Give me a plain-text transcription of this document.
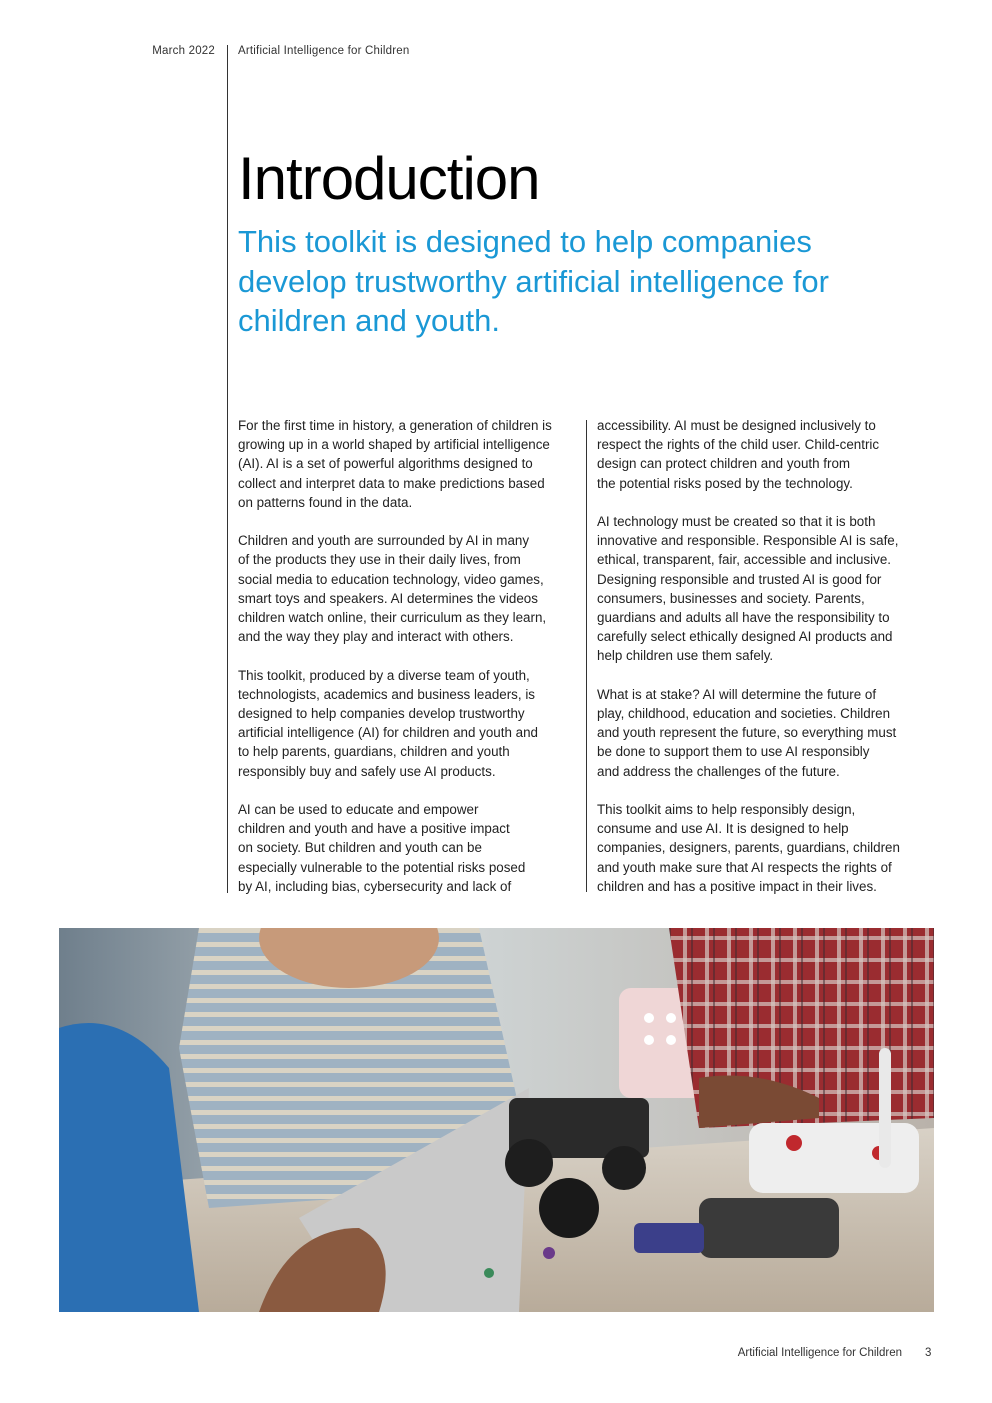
March 2022 Artificial Intelligence for Children
Introduction

This toolkit is designed to help companies develop trustworthy artificial intelligence for children and youth.

For the first time in history, a generation of children is
growing up in a world shaped by artificial intelligence
(AI). AI is a set of powerful algorithms designed to
collect and interpret data to make predictions based
on patterns found in the data.

Children and youth are surrounded by AI in many
of the products they use in their daily lives, from
social media to education technology, video games,
smart toys and speakers. AI determines the videos
children watch online, their curriculum as they learn,
and the way they play and interact with others.

This toolkit, produced by a diverse team of youth,
technologists, academics and business leaders, is
designed to help companies develop trustworthy
artificial intelligence (AI) for children and youth and
to help parents, guardians, children and youth
responsibly buy and safely use AI products.

AI can be used to educate and empower
children and youth and have a positive impact
on society. But children and youth can be
especially vulnerable to the potential risks posed
by AI, including bias, cybersecurity and lack of

accessibility. AI must be designed inclusively to
respect the rights of the child user. Child-centric
design can protect children and youth from
the potential risks posed by the technology.

AI technology must be created so that it is both
innovative and responsible. Responsible AI is safe,
ethical, transparent, fair, accessible and inclusive.
Designing responsible and trusted AI is good for
consumers, businesses and society. Parents,
guardians and adults all have the responsibility to
carefully select ethically designed AI products and
help children use them safely.

What is at stake? AI will determine the future of
play, childhood, education and societies. Children
and youth represent the future, so everything must
be done to support them to use AI responsibly
and address the challenges of the future.

This toolkit aims to help responsibly design,
consume and use AI. It is designed to help
companies, designers, parents, guardians, children
and youth make sure that AI respects the rights of
children and has a positive impact in their lives.

Artificial Intelligence for Children 3
